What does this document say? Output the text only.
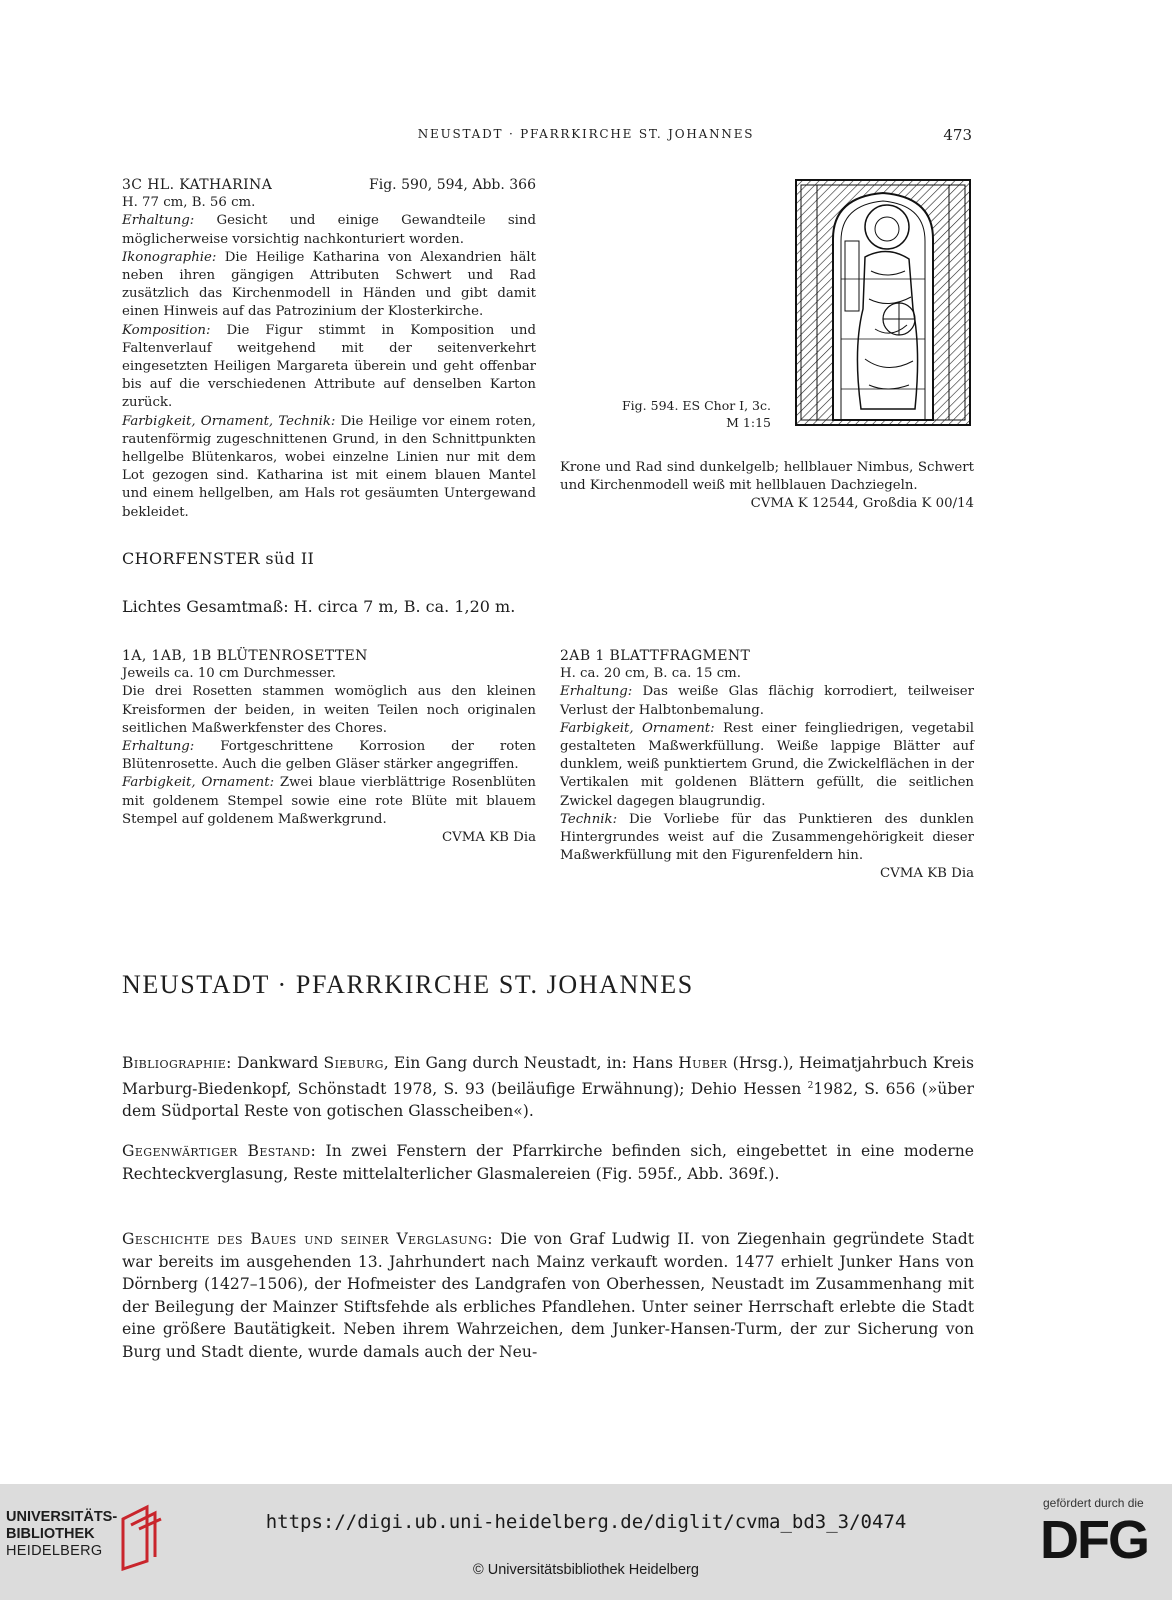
NEUSTADT · PFARRKIRCHE ST. JOHANNES	473
3C HL. KATHARINA	Fig. 590, 594, Abb. 366

H. 77 cm, B. 56 cm.

Erhaltung: Gesicht und einige Gewandteile sind möglicherweise vorsichtig nachkonturiert worden.

Ikonographie: Die Heilige Katharina von Alexandrien hält neben ihren gängigen Attributen Schwert und Rad zusätzlich das Kirchenmodell in Händen und gibt damit einen Hinweis auf das Patrozinium der Klosterkirche.

Komposition: Die Figur stimmt in Komposition und Faltenverlauf weitgehend mit der seitenverkehrt eingesetzten Heiligen Margareta überein und geht offenbar bis auf die verschiedenen Attribute auf denselben Karton zurück.

Farbigkeit, Ornament, Technik: Die Heilige vor einem roten, rautenförmig zugeschnittenen Grund, in den Schnittpunkten hellgelbe Blütenkaros, wobei einzelne Linien nur mit dem Lot gezogen sind. Katharina ist mit einem blauen Mantel und einem hellgelben, am Hals rot gesäumten Untergewand bekleidet.

Fig. 594. ES Chor I, 3c.
M 1:15

Krone und Rad sind dunkelgelb; hellblauer Nimbus, Schwert und Kirchenmodell weiß mit hellblauen Dachziegeln.

CVMA K 12544, Großdia K 00/14

CHORFENSTER süd II
Lichtes Gesamtmaß: H. circa 7 m, B. ca. 1,20 m.
1A, 1AB, 1B BLÜTENROSETTEN

Jeweils ca. 10 cm Durchmesser.

Die drei Rosetten stammen womöglich aus den kleinen Kreisformen der beiden, in weiten Teilen noch originalen seitlichen Maßwerkfenster des Chores.

Erhaltung: Fortgeschrittene Korrosion der roten Blütenrosette. Auch die gelben Gläser stärker angegriffen.

Farbigkeit, Ornament: Zwei blaue vierblättrige Rosenblüten mit goldenem Stempel sowie eine rote Blüte mit blauem Stempel auf goldenem Maßwerkgrund.

CVMA KB Dia

2AB 1 BLATTFRAGMENT

H. ca. 20 cm, B. ca. 15 cm.

Erhaltung: Das weiße Glas flächig korrodiert, teilweiser Verlust der Halbtonbemalung.

Farbigkeit, Ornament: Rest einer feingliedrigen, vegetabil gestalteten Maßwerkfüllung. Weiße lappige Blätter auf dunklem, weiß punktiertem Grund, die Zwickelflächen in der Vertikalen mit goldenen Blättern gefüllt, die seitlichen Zwickel dagegen blaugrundig.

Technik: Die Vorliebe für das Punktieren des dunklen Hintergrundes weist auf die Zusammengehörigkeit dieser Maßwerkfüllung mit den Figurenfeldern hin.

CVMA KB Dia

NEUSTADT · PFARRKIRCHE ST. JOHANNES

Bibliographie: Dankward Sieburg, Ein Gang durch Neustadt, in: Hans Huber (Hrsg.), Heimatjahrbuch Kreis Marburg-Biedenkopf, Schönstadt 1978, S. 93 (beiläufige Erwähnung); Dehio Hessen $^2$1982, S. 656 (»über dem Südportal Reste von gotischen Glasscheiben«).

Gegenwärtiger Bestand: In zwei Fenstern der Pfarrkirche befinden sich, eingebettet in eine moderne Rechteckverglasung, Reste mittelalterlicher Glasmalereien (Fig. 595f., Abb. 369f.).

Geschichte des Baues und seiner Verglasung: Die von Graf Ludwig II. von Ziegenhain gegründete Stadt war bereits im ausgehenden 13. Jahrhundert nach Mainz verkauft worden. 1477 erhielt Junker Hans von Dörnberg (1427–1506), der Hofmeister des Landgrafen von Oberhessen, Neustadt im Zusammenhang mit der Beilegung der Mainzer Stiftsfehde als erbliches Pfandlehen. Unter seiner Herrschaft erlebte die Stadt eine größere Bautätigkeit. Neben ihrem Wahrzeichen, dem Junker-Hansen-Turm, der zur Sicherung von Burg und Stadt diente, wurde damals auch der Neu-

UNIVERSITÄTS-
BIBLIOTHEK
HEIDELBERG
https://digi.ub.uni-heidelberg.de/diglit/cvma_bd3_3/0474
© Universitätsbibliothek Heidelberg
gefördert durch die
DFG
